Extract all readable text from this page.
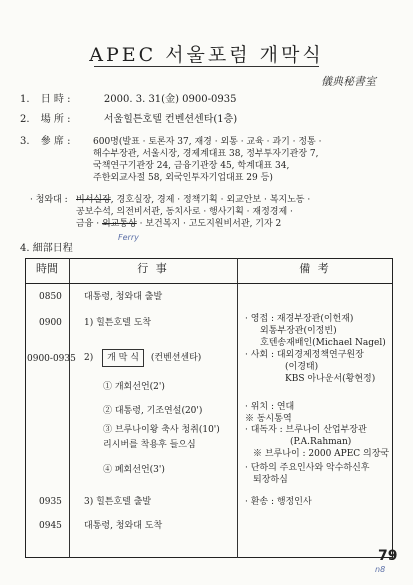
APEC 서울포럼 개막식
儀典秘書室
1. 日 時 :	2000. 3. 31(金) 0900-0935
2. 場 所 :	서울힐튼호텔 컨벤션센타(1층)
3. 參 席 :	600명(발표 · 토론자 37, 재경 · 외통 · 교육 · 과기 · 정통 ·
해수부장관, 서울시장, 경제계대표 38, 정부투자기관장 7,
국책연구기관장 24, 금융기관장 45, 학계대표 34,
주한외교사절 58, 외국인투자기업대표 29 등)
· 청와대 : 비서실장, 경호실장, 경제 · 정책기획 · 외교안보 · 복지노동 ·
공보수석, 의전비서관, 동치사로 · 행사기획 · 재정경제 ·
금융 · 외교통상 · 보건복지 · 고도지원비서관, 기자 2
Ferry
4. 細部日程
時間	行 事	備 考
0850 대통령, 청와대 출발
0900 1) 힐튼호텔 도착	· 영접 : 재경부장관(이헌재)
외통부장관(이정빈)
호텐송재배인(Michael Nagel)
0900-0935 2) 개 막 식 (컨벤션센타)	· 사회 : 대외경제정책연구원장
(이경태)
KBS 아나운서(황현정)
① 개회선언(2')
② 대통령, 기조연설(20')	· 위치 : 연대
※ 동시통역
③ 브루나이왕 축사 청취(10')
리시버를 착용후 들으심
· 대독자 : 브루나이 산업부장관
(P.A.Rahman)
※ 브루나이 : 2000 APEC 의장국
④ 폐회선언(3')	· 단하의 주요인사와 악수하신후
퇴장하심
0935 3) 힐튼호텔 출발	· 환송 : 행정인사
0945 대통령, 청와대 도착
79
n8
